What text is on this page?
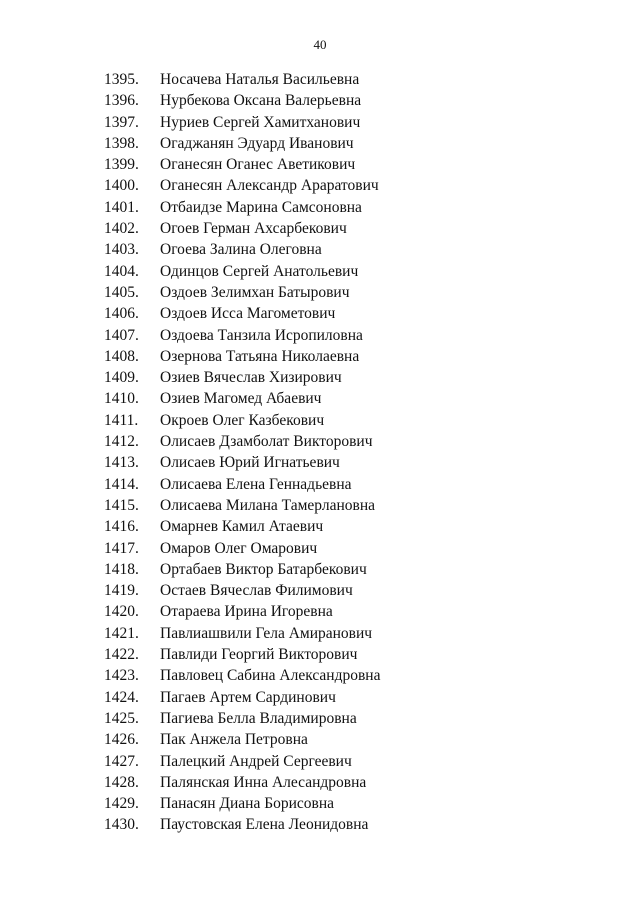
40
1395.	Носачева Наталья Васильевна
1396.	Нурбекова Оксана Валерьевна
1397.	Нуриев Сергей Хамитханович
1398.	Огаджанян Эдуард Иванович
1399.	Оганесян Оганес Аветикович
1400.	Оганесян Александр Араратович
1401.	Отбаидзе Марина Самсоновна
1402.	Огоев Герман Ахсарбекович
1403.	Огоева Залина Олеговна
1404.	Одинцов Сергей Анатольевич
1405.	Оздоев Зелимхан Батырович
1406.	Оздоев Исса Магометович
1407.	Оздоева Танзила Исропиловна
1408.	Озернова Татьяна Николаевна
1409.	Озиев Вячеслав Хизирович
1410.	Озиев Магомед Абаевич
1411.	Окроев Олег Казбекович
1412.	Олисаев Дзамболат Викторович
1413.	Олисаев Юрий Игнатьевич
1414.	Олисаева Елена Геннадьевна
1415.	Олисаева Милана Тамерлановна
1416.	Омарнев Камил Атаевич
1417.	Омаров Олег Омарович
1418.	Ортабаев Виктор Батарбекович
1419.	Остаев Вячеслав Филимович
1420.	Отараева Ирина Игоревна
1421.	Павлиашвили Гела Амиранович
1422.	Павлиди Георгий Викторович
1423.	Павловец Сабина Александровна
1424.	Пагаев Артем Сардинович
1425.	Пагиева Белла Владимировна
1426.	Пак Анжела Петровна
1427.	Палецкий Андрей Сергеевич
1428.	Палянская Инна Алесандровна
1429.	Панасян Диана Борисовна
1430.	Паустовская Елена Леонидовна
